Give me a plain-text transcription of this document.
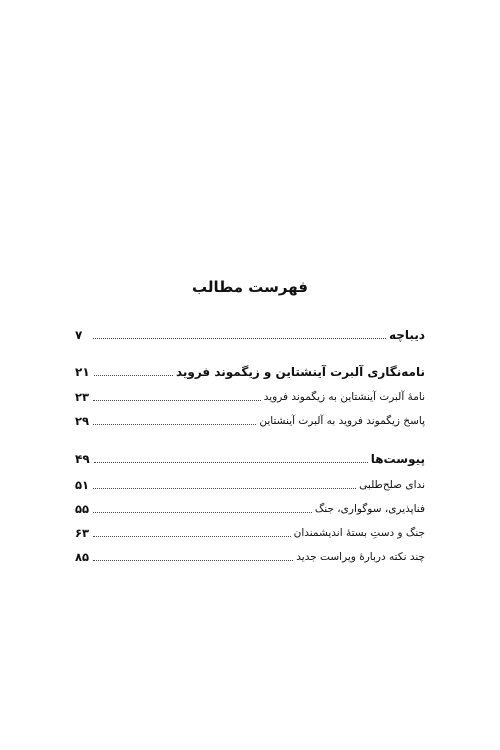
فهرست مطالب
دیباچه
۷
نامه‌نگاری آلبرت آینشتاین و زیگموند فروید
۲۱
نامهٔ آلبرت آینشتاین به زیگموند فروید
۲۳
پاسخ زیگموند فروید به آلبرت آینشتاین
۲۹
پیوست‌ها
۴۹
ندای صلح‌طلبی
۵۱
فناپذیری، سوگواری، جنگ
۵۵
جنگ و دستِ بستهٔ اندیشمندان
۶۳
چند نکته دربارهٔ ویراست جدید
۸۵
